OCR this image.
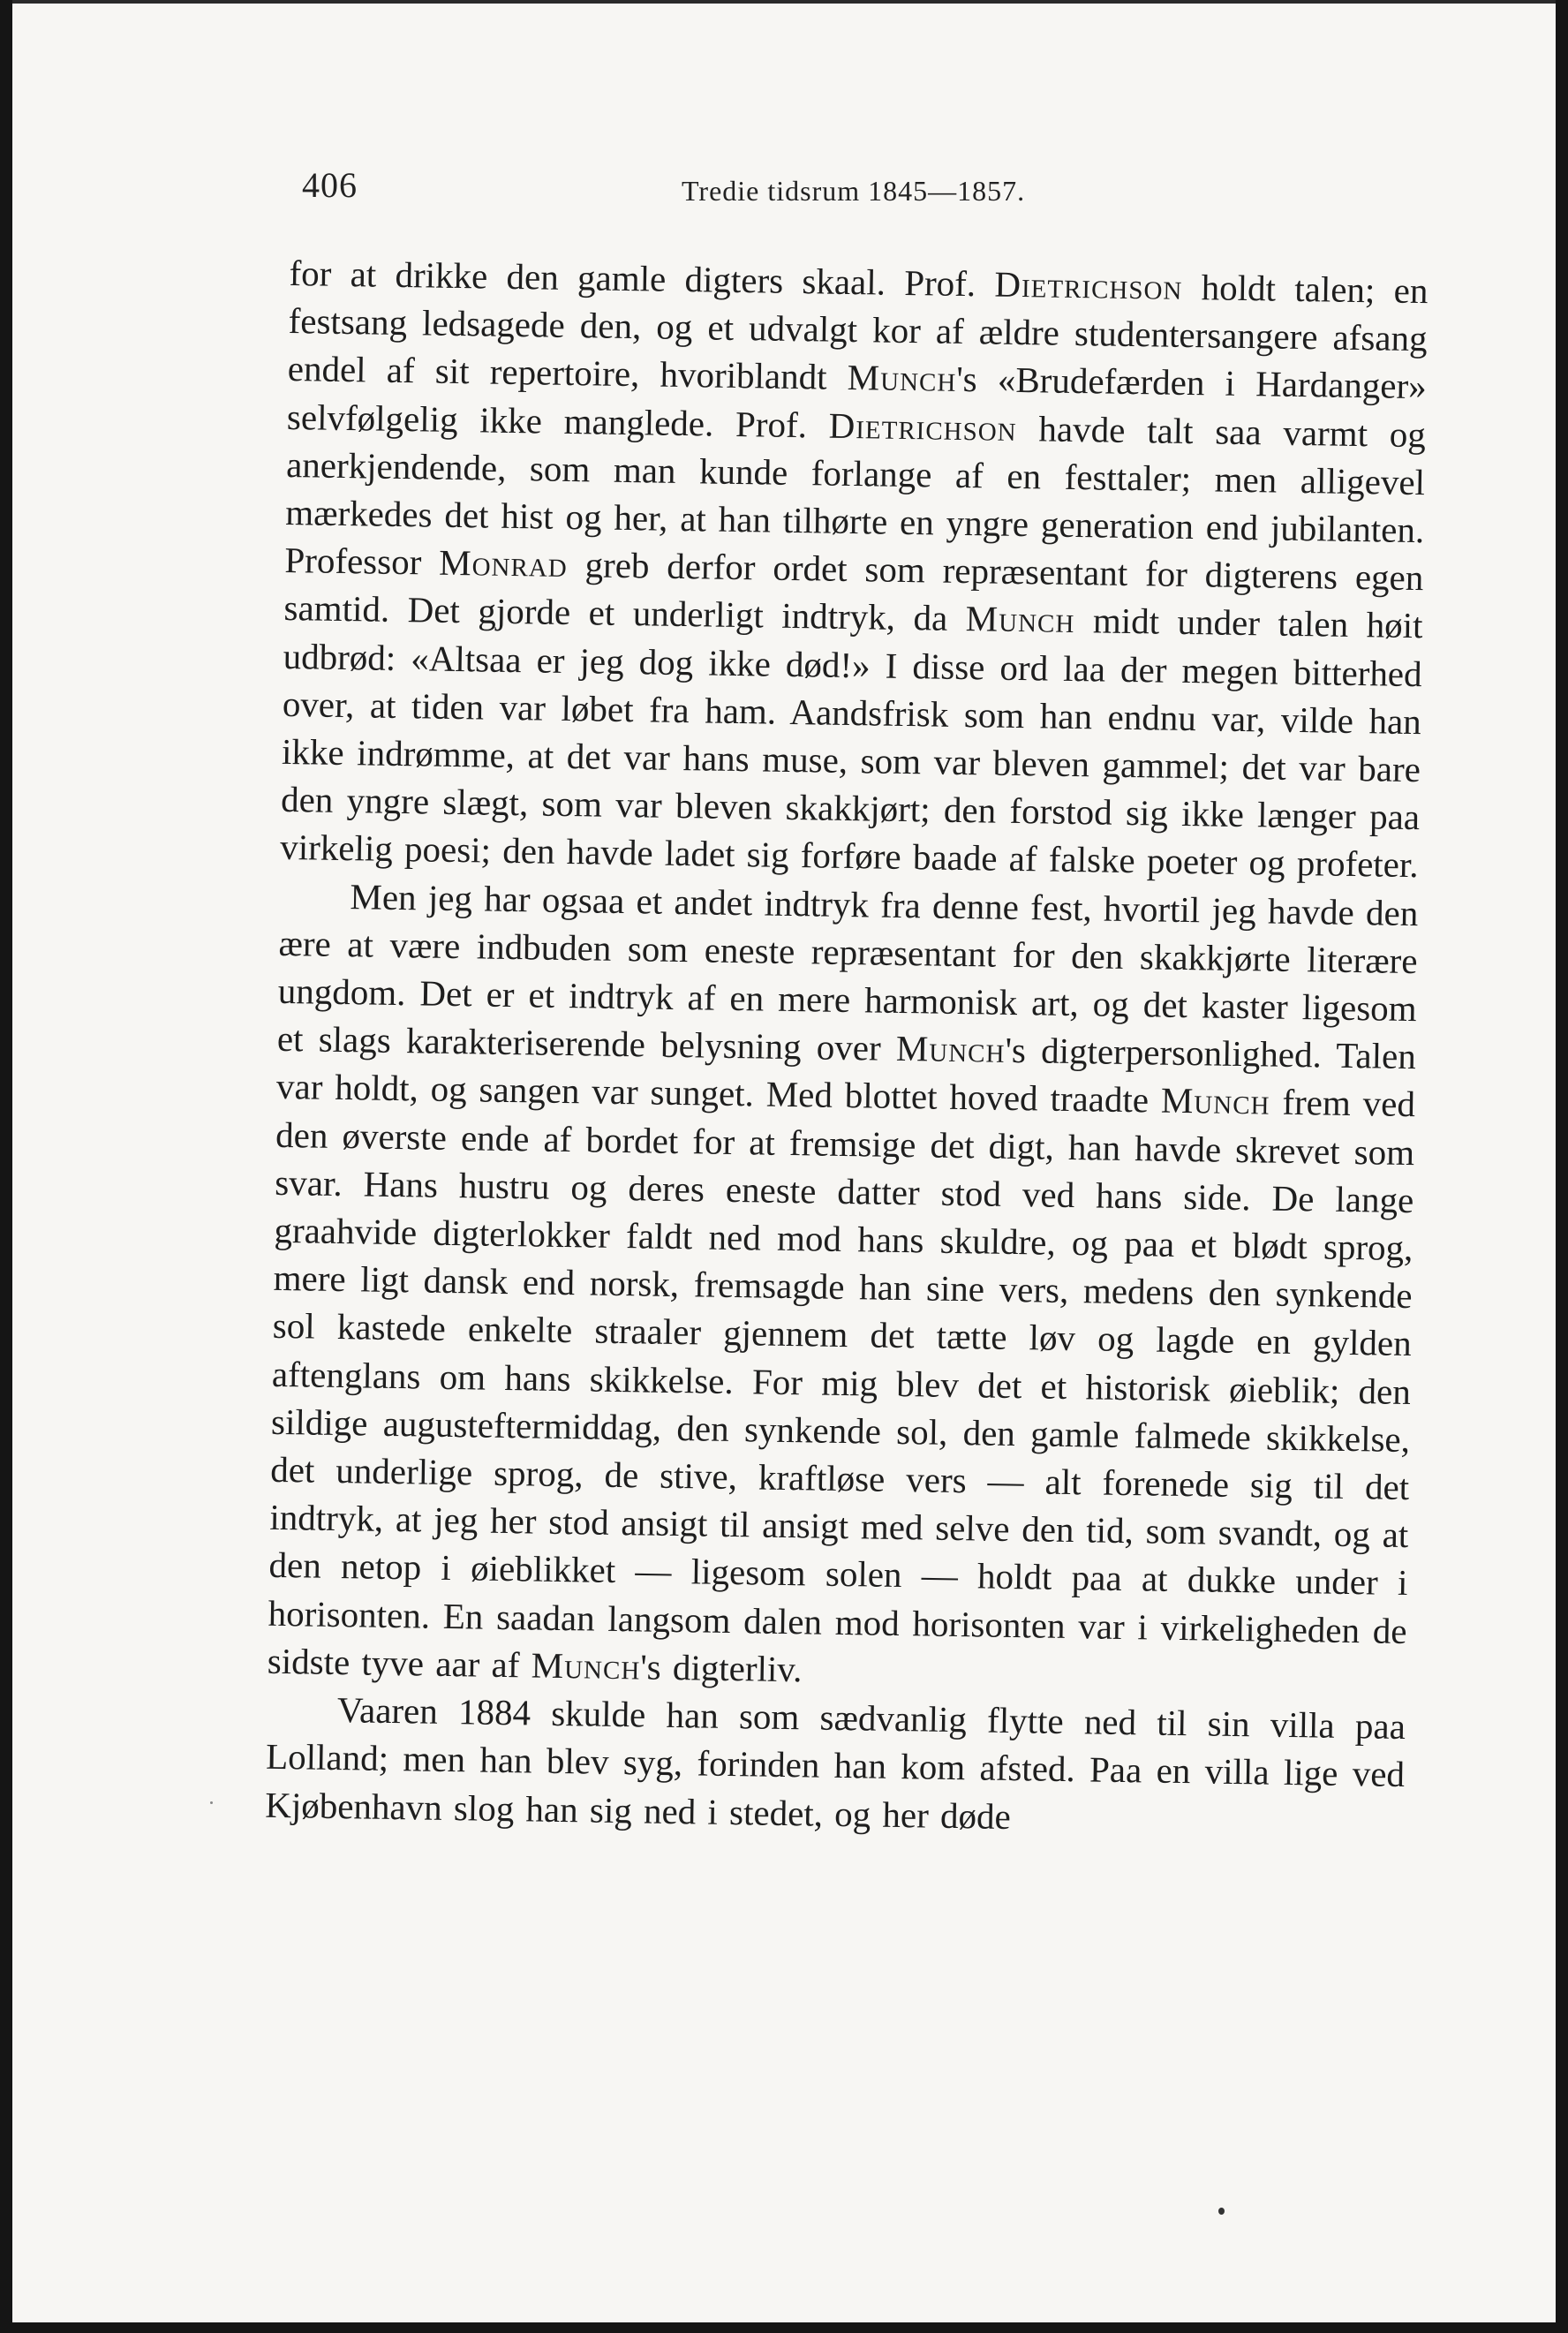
406	Tredie tidsrum 1845—1857.

for at drikke den gamle digters skaal. Prof. Dietrichson holdt talen; en festsang ledsagede den, og et udvalgt kor af ældre studentersangere afsang endel af sit repertoire, hvoriblandt Munch's «Brudefærden i Hardanger» selvfølgelig ikke manglede. Prof. Dietrichson havde talt saa varmt og anerkjendende, som man kunde forlange af en festtaler; men alligevel mærkedes det hist og her, at han tilhørte en yngre generation end jubilanten. Professor Monrad greb derfor ordet som repræsentant for digterens egen samtid. Det gjorde et underligt indtryk, da Munch midt under talen høit udbrød: «Altsaa er jeg dog ikke død!» I disse ord laa der megen bitterhed over, at tiden var løbet fra ham. Aandsfrisk som han endnu var, vilde han ikke indrømme, at det var hans muse, som var bleven gammel; det var bare den yngre slægt, som var bleven skakkjørt; den forstod sig ikke længer paa virkelig poesi; den havde ladet sig forføre baade af falske poeter og profeter.

Men jeg har ogsaa et andet indtryk fra denne fest, hvortil jeg havde den ære at være indbuden som eneste repræsentant for den skakkjørte literære ungdom. Det er et indtryk af en mere harmonisk art, og det kaster ligesom et slags karakteriserende belysning over Munch's digterpersonlighed. Talen var holdt, og sangen var sunget. Med blottet hoved traadte Munch frem ved den øverste ende af bordet for at fremsige det digt, han havde skrevet som svar. Hans hustru og deres eneste datter stod ved hans side. De lange graahvide digterlokker faldt ned mod hans skuldre, og paa et blødt sprog, mere ligt dansk end norsk, fremsagde han sine vers, medens den synkende sol kastede enkelte straaler gjennem det tætte løv og lagde en gylden aftenglans om hans skikkelse. For mig blev det et historisk øieblik; den sildige augusteftermiddag, den synkende sol, den gamle falmede skikkelse, det underlige sprog, de stive, kraftløse vers — alt forenede sig til det indtryk, at jeg her stod ansigt til ansigt med selve den tid, som svandt, og at den netop i øieblikket — ligesom solen — holdt paa at dukke under i horisonten. En saadan langsom dalen mod horisonten var i virkeligheden de sidste tyve aar af Munch's digterliv.

Vaaren 1884 skulde han som sædvanlig flytte ned til sin villa paa Lolland; men han blev syg, forinden han kom afsted. Paa en villa lige ved Kjøbenhavn slog han sig ned i stedet, og her døde
